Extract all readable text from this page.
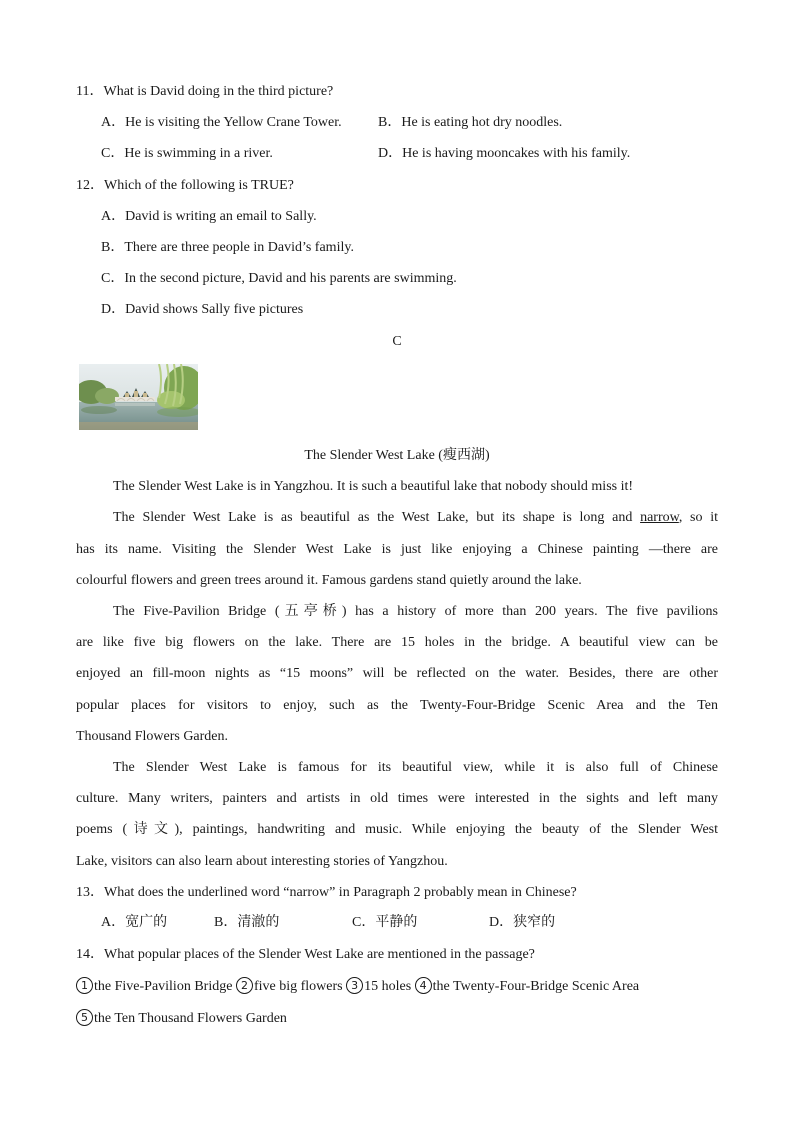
11．What is David doing in the third picture?
A．He is visiting the Yellow Crane Tower.	B．He is eating hot dry noodles.
C．He is swimming in a river.	D．He is having mooncakes with his family.
12．Which of the following is TRUE?
A．David is writing an email to Sally.
B．There are three people in David’s family.
C．In the second picture, David and his parents are swimming.
D．David shows Sally five pictures
C
The Slender West Lake (瘦西湖)
The Slender West Lake is in Yangzhou. It is such a beautiful lake that nobody should miss it!
The Slender West Lake is as beautiful as the West Lake, but its shape is long and narrow, so it
has its name. Visiting the Slender West Lake is just like enjoying a Chinese painting —there are
colourful flowers and green trees around it. Famous gardens stand quietly around the lake.
The Five-Pavilion Bridge (五亭桥) has a history of more than 200 years. The five pavilions
are like five big flowers on the lake. There are 15 holes in the bridge. A beautiful view can be
enjoyed an fill-moon nights as “15 moons” will be reflected on the water. Besides, there are other
popular places for visitors to enjoy, such as the Twenty-Four-Bridge Scenic Area and the Ten
Thousand Flowers Garden.
The Slender West Lake is famous for its beautiful view, while it is also full of Chinese
culture. Many writers, painters and artists in old times were interested in the sights and left many
poems (诗文), paintings, handwriting and music. While enjoying the beauty of the Slender West
Lake, visitors can also learn about interesting stories of Yangzhou.
13．What does the underlined word “narrow” in Paragraph 2 probably mean in Chinese?
A．宽广的	B．清澈的	C．平静的	D．狭窄的
14．What popular places of the Slender West Lake are mentioned in the passage?
1 the Five-Pavilion Bridge 2 five big flowers 3 15 holes 4 the Twenty-Four-Bridge Scenic Area
5 the Ten Thousand Flowers Garden
